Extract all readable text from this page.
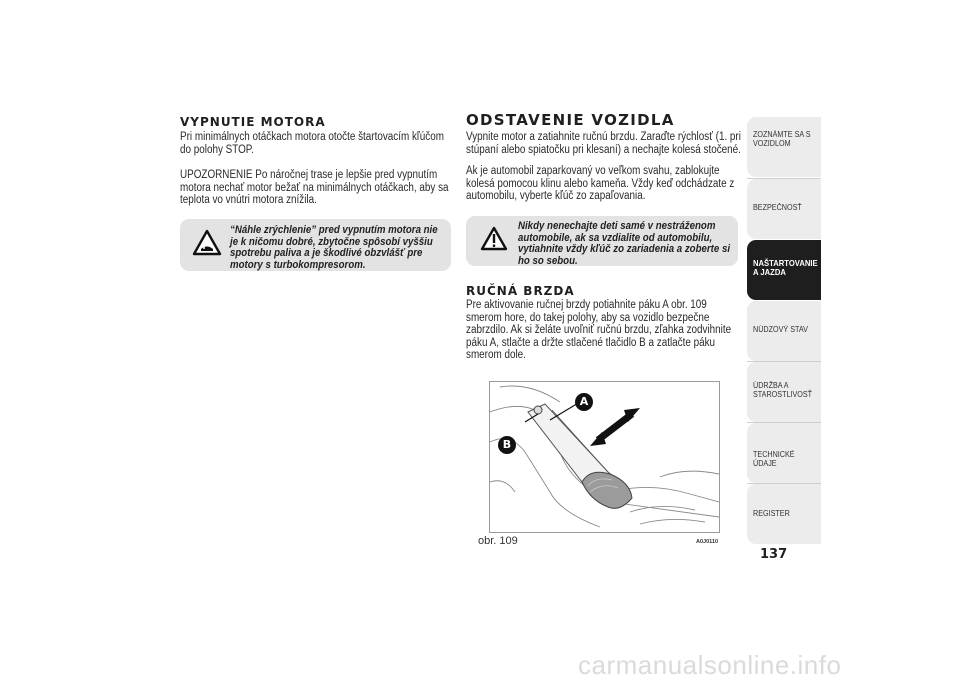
VYPNUTIE MOTORA
Pri minimálnych otáčkach motora otočte štartovacím kľúčom do polohy STOP.
UPOZORNENIE Po náročnej trase je lepšie pred vypnutím motora nechať motor bežať na minimálnych otáčkach, aby sa teplota vo vnútri motora znížila.
“Náhle zrýchlenie” pred vypnutím motora nie je k ničomu dobré, zbytočne spôsobí vyššiu spotrebu paliva a je škodlivé obzvlášť pre motory s turbokompresorom.
ODSTAVENIE VOZIDLA
Vypnite motor a zatiahnite ručnú brzdu. Zaraďte rýchlosť (1. pri stúpaní alebo spiatočku pri klesaní) a nechajte kolesá stočené.
Ak je automobil zaparkovaný vo veľkom svahu, zablokujte kolesá pomocou klinu alebo kameňa. Vždy keď odchádzate z automobilu, vyberte kľúč zo zapaľovania.
Nikdy nenechajte deti samé v nestráženom automobile, ak sa vzdialite od automobilu, vytiahnite vždy kľúč zo zariadenia a zoberte si ho so sebou.
RUČNÁ BRZDA
Pre aktivovanie ručnej brzdy potiahnite páku A obr. 109 smerom hore, do takej polohy, aby sa vozidlo bezpečne zabrzdilo. Ak si želáte uvoľniť ručnú brzdu, zľahka zodvihnite páku A, stlačte a držte stlačené tlačidlo B a zatlačte páku smerom dole.
A
B
obr. 109	A0J0110
ZOZNÁMTE SA S
VOZIDLOM
BEZPEČNOSŤ
NAŠTARTOVANIE
A JAZDA
NÚDZOVÝ STAV
ÚDRŽBA A
STAROSTLIVOSŤ
TECHNICKÉ ÚDAJE
REGISTER
137
carmanualsonline.info
